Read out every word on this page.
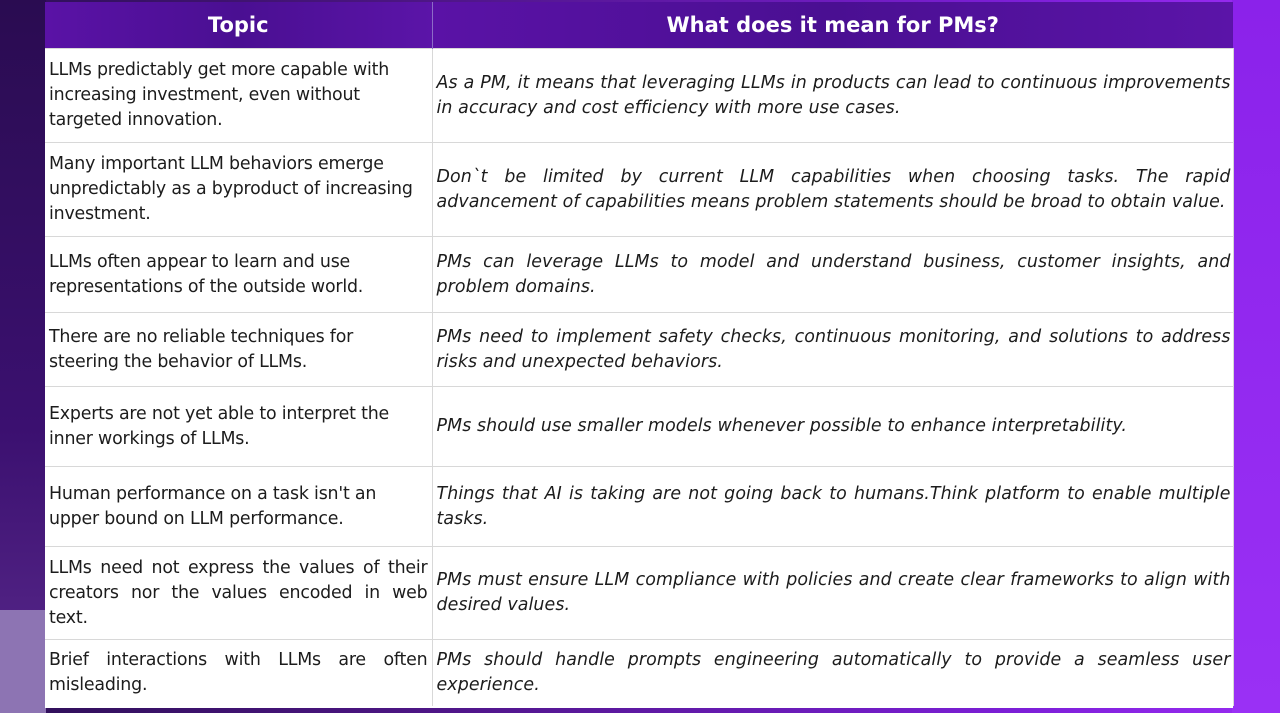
Topic	What does it mean for PMs?
LLMs predictably get more capable with increasing investment, even without targeted innovation.	As a PM, it means that leveraging LLMs in products can lead to continuous improvements in accuracy and cost efficiency with more use cases.
Many important LLM behaviors emerge unpredictably as a byproduct of increasing investment.	Don`t be limited by current LLM capabilities when choosing tasks. The rapid advancement of capabilities means problem statements should be broad to obtain value.
LLMs often appear to learn and use representations of the outside world.	PMs can leverage LLMs to model and understand business, customer insights, and problem domains.
There are no reliable techniques for steering the behavior of LLMs.	PMs need to implement safety checks, continuous monitoring, and solutions to address risks and unexpected behaviors.
Experts are not yet able to interpret the inner workings of LLMs.	PMs should use smaller models whenever possible to enhance interpretability.
Human performance on a task isn't an upper bound on LLM performance.	Things that AI is taking are not going back to humans.Think platform to enable multiple tasks.
LLMs need not express the values of their creators nor the values encoded in web text.	PMs must ensure LLM compliance with policies and create clear frameworks to align with desired values.
Brief interactions with LLMs are often misleading.	PMs should handle prompts engineering automatically to provide a seamless user experience.
